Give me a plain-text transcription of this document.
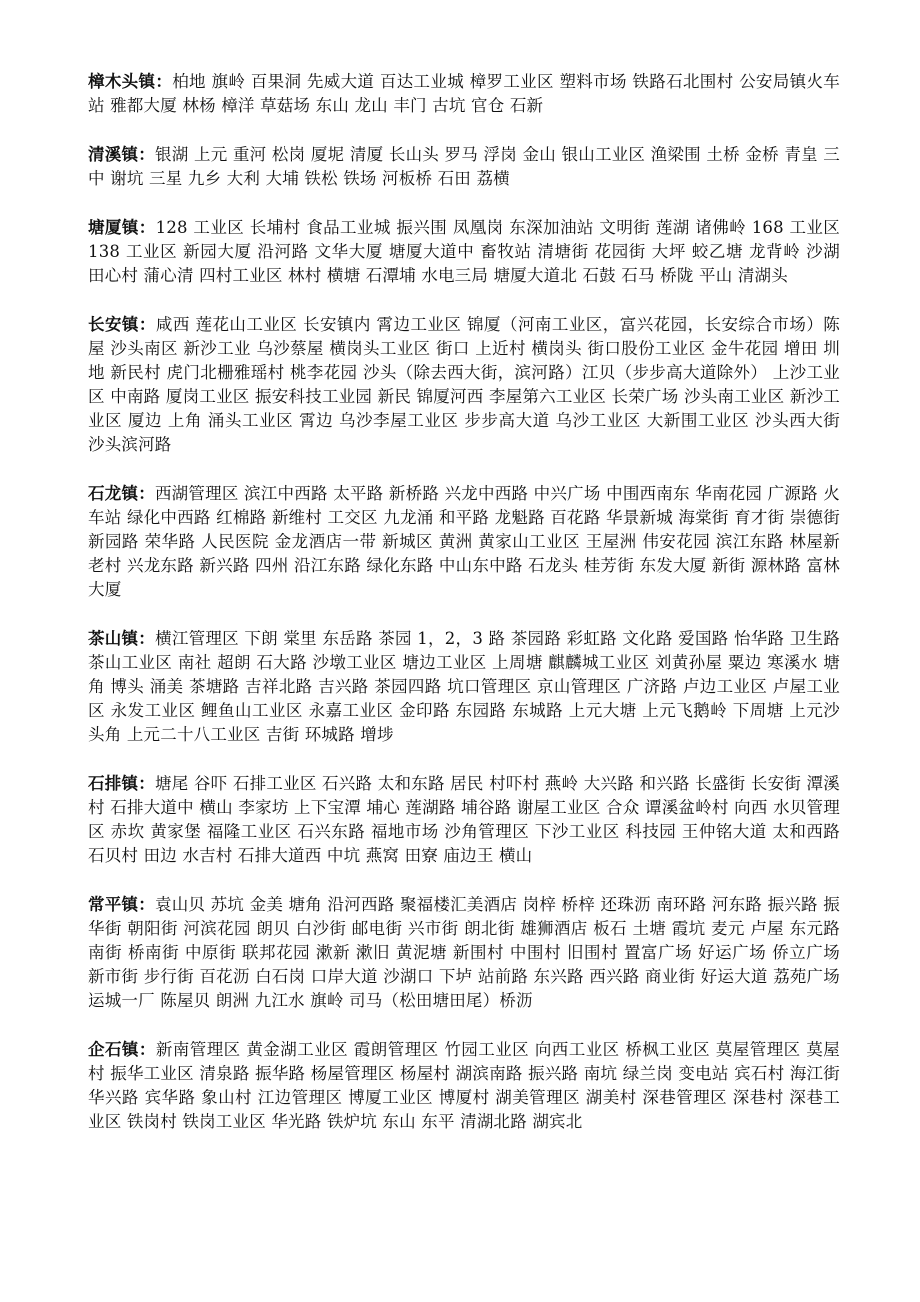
樟木头镇：柏地 旗岭 百果洞 先威大道 百达工业城 樟罗工业区 塑料市场 铁路石北围村 公安局镇火车站 雅都大厦 林杨 樟洋 草菇场 东山 龙山 丰门 古坑 官仓 石新

清溪镇：银湖 上元 重河 松岗 厦坭 清厦 长山头 罗马 浮岗 金山 银山工业区 渔梁围 土桥 金桥 青皇 三中 谢坑 三星 九乡 大利 大埔 铁松 铁场 河板桥 石田 荔横

塘厦镇：128 工业区 长埔村 食品工业城 振兴围 凤凰岗 东深加油站 文明街 莲湖 诸佛岭 168 工业区 138 工业区 新园大厦 沿河路 文华大厦 塘厦大道中 畜牧站 清塘街 花园街 大坪 蛟乙塘 龙背岭 沙湖 田心村 蒲心清 四村工业区 林村 横塘 石潭埔 水电三局 塘厦大道北 石鼓 石马 桥陇 平山 清湖头

长安镇：咸西 莲花山工业区 长安镇内 霄边工业区 锦厦（河南工业区，富兴花园，长安综合市场）陈屋 沙头南区 新沙工业 乌沙蔡屋 横岗头工业区 街口 上近村 横岗头 街口股份工业区 金牛花园 增田 圳地 新民村 虎门北栅雅瑶村 桃李花园 沙头（除去西大街，滨河路）江贝（步步高大道除外） 上沙工业区 中南路 厦岗工业区 振安科技工业园 新民 锦厦河西 李屋第六工业区 长荣广场 沙头南工业区 新沙工业区 厦边 上角 涌头工业区 霄边 乌沙李屋工业区 步步高大道 乌沙工业区 大新围工业区 沙头西大街 沙头滨河路

石龙镇：西湖管理区 滨江中西路 太平路 新桥路 兴龙中西路 中兴广场 中围西南东 华南花园 广源路 火车站 绿化中西路 红棉路 新维村 工交区 九龙涌 和平路 龙魁路 百花路 华景新城 海棠街 育才街 崇德街 新园路 荣华路 人民医院 金龙酒店一带 新城区 黄洲 黄家山工业区 王屋洲 伟安花园 滨江东路 林屋新老村 兴龙东路 新兴路 四州 沿江东路 绿化东路 中山东中路 石龙头 桂芳街 东发大厦 新街 源林路 富林大厦

茶山镇：横江管理区 下朗 棠里 东岳路 茶园 1，2，3 路 茶园路 彩虹路 文化路 爱国路 怡华路 卫生路 茶山工业区 南社 超朗 石大路 沙墩工业区 塘边工业区 上周塘 麒麟城工业区 刘黄孙屋 粟边 寒溪水 塘角 博头 涌美 茶塘路 吉祥北路 吉兴路 茶园四路 坑口管理区 京山管理区 广济路 卢边工业区 卢屋工业区 永发工业区 鲤鱼山工业区 永嘉工业区 金印路 东园路 东城路 上元大塘 上元飞鹅岭 下周塘 上元沙头角 上元二十八工业区 吉街 环城路 增埗

石排镇：塘尾 谷吓 石排工业区 石兴路 太和东路 居民 村吓村 燕岭 大兴路 和兴路 长盛街 长安街 潭溪村 石排大道中 横山 李家坊 上下宝潭 埔心 莲湖路 埔谷路 谢屋工业区 合众 谭溪盆岭村 向西 水贝管理区 赤坎 黄家堡 福隆工业区 石兴东路 福地市场 沙角管理区 下沙工业区 科技园 王仲铭大道 太和西路 石贝村 田边 水吉村 石排大道西 中坑 燕窝 田寮 庙边王 横山

常平镇：袁山贝 苏坑 金美 塘角 沿河西路 聚福楼汇美酒店 岗梓 桥梓 还珠沥 南环路 河东路 振兴路 振华街 朝阳街 河滨花园 朗贝 白沙街 邮电街 兴市街 朗北街 雄狮酒店 板石 土塘 霞坑 麦元 卢屋 东元路 南街 桥南街 中原街 联邦花园 漱新 漱旧 黄泥塘 新围村 中围村 旧围村 置富广场 好运广场 侨立广场 新市街 步行街 百花沥 白石岗 口岸大道 沙湖口 下垆 站前路 东兴路 西兴路 商业街 好运大道 荔苑广场 运城一厂 陈屋贝 朗洲 九江水 旗岭 司马（松田塘田尾）桥沥

企石镇：新南管理区 黄金湖工业区 霞朗管理区 竹园工业区 向西工业区 桥枫工业区 莫屋管理区 莫屋村 振华工业区 清泉路 振华路 杨屋管理区 杨屋村 湖滨南路 振兴路 南坑 绿兰岗 变电站 宾石村 海江街 华兴路 宾华路 象山村 江边管理区 博厦工业区 博厦村 湖美管理区 湖美村 深巷管理区 深巷村 深巷工业区 铁岗村 铁岗工业区 华光路 铁炉坑 东山 东平 清湖北路 湖宾北
